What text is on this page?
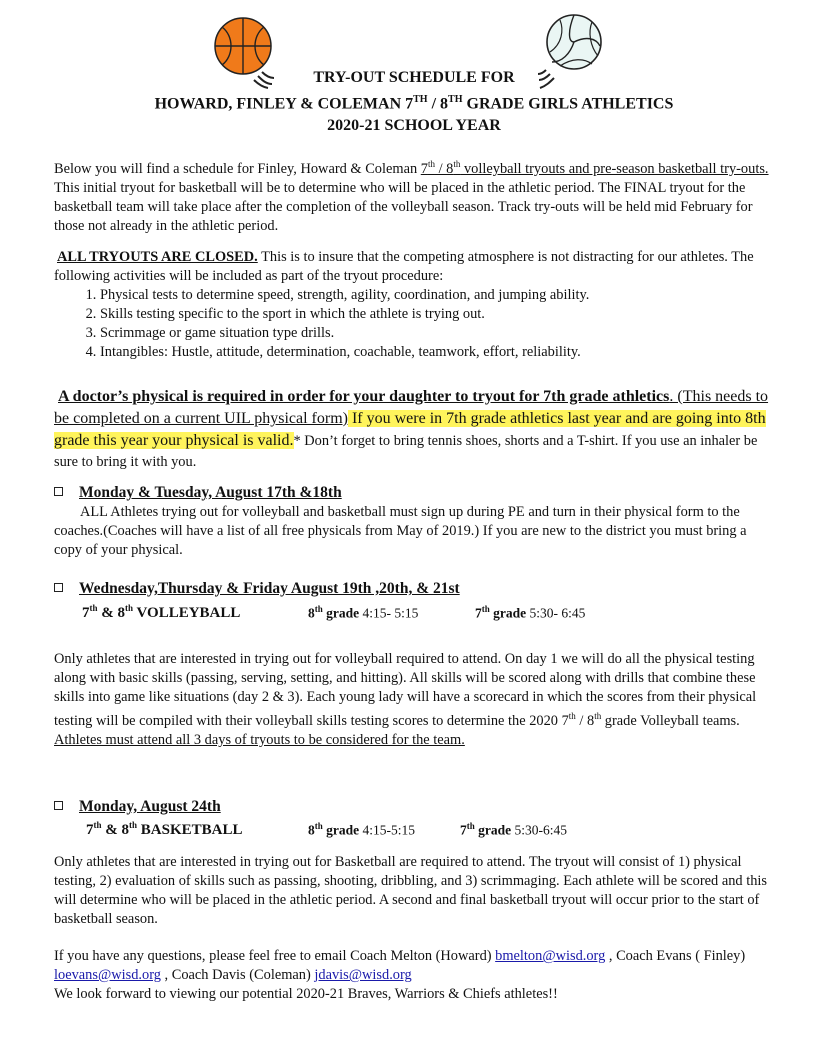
TRY-OUT SCHEDULE FOR
HOWARD, FINLEY & COLEMAN 7TH / 8TH GRADE GIRLS ATHLETICS
2020-21 SCHOOL YEAR
Below you will find a schedule for Finley, Howard & Coleman 7th / 8th volleyball tryouts and pre-season basketball try-outs. This initial tryout for basketball will be to determine who will be placed in the athletic period. The FINAL tryout for the basketball team will take place after the completion of the volleyball season. Track try-outs will be held mid February for those not already in the athletic period.
ALL TRYOUTS ARE CLOSED. This is to insure that the competing atmosphere is not distracting for our athletes. The following activities will be included as part of the tryout procedure:
1. Physical tests to determine speed, strength, agility, coordination, and jumping ability.
2. Skills testing specific to the sport in which the athlete is trying out.
3. Scrimmage or game situation type drills.
4. Intangibles: Hustle, attitude, determination, coachable, teamwork, effort, reliability.
A doctor’s physical is required in order for your daughter to tryout for 7th grade athletics. (This needs to be completed on a current UIL physical form) If you were in 7th grade athletics last year and are going into 8th grade this year your physical is valid.* Don’t forget to bring tennis shoes, shorts and a T-shirt. If you use an inhaler be sure to bring it with you.
Monday & Tuesday, August 17th &18th
ALL Athletes trying out for volleyball and basketball must sign up during PE and turn in their physical form to the coaches.(Coaches will have a list of all free physicals from May of 2019.) If you are new to the district you must bring a copy of your physical.
Wednesday,Thursday & Friday August 19th ,20th, & 21st
7th & 8th VOLLEYBALL	8th grade 4:15- 5:15	7th grade 5:30- 6:45
Only athletes that are interested in trying out for volleyball required to attend. On day 1 we will do all the physical testing along with basic skills (passing, serving, setting, and hitting). All skills will be scored along with drills that combine these skills into game like situations (day 2 & 3). Each young lady will have a scorecard in which the scores from their physical testing will be compiled with their volleyball skills testing scores to determine the 2020 7th / 8th grade Volleyball teams. Athletes must attend all 3 days of tryouts to be considered for the team.
Monday, August 24th
7th & 8th BASKETBALL	8th grade 4:15-5:15	7th grade 5:30-6:45
Only athletes that are interested in trying out for Basketball are required to attend. The tryout will consist of 1) physical testing, 2) evaluation of skills such as passing, shooting, dribbling, and 3) scrimmaging. Each athlete will be scored and this will determine who will be placed in the athletic period. A second and final basketball tryout will occur prior to the start of basketball season.
If you have any questions, please feel free to email Coach Melton (Howard) bmelton@wisd.org , Coach Evans ( Finley) loevans@wisd.org , Coach Davis (Coleman) jdavis@wisd.org
We look forward to viewing our potential 2020-21 Braves, Warriors & Chiefs athletes!!
